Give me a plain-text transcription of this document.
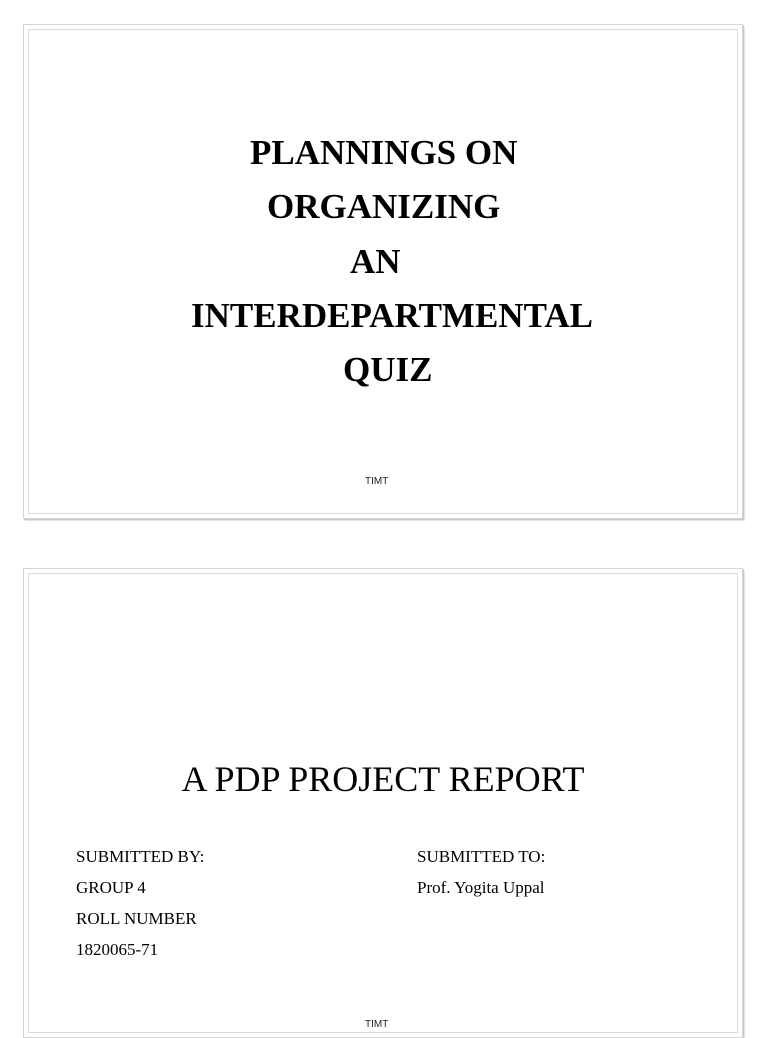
PLANNINGS ON
ORGANIZING
AN
INTERDEPARTMENTAL
QUIZ
TIMT
A PDP PROJECT REPORT
SUBMITTED BY:
GROUP 4
ROLL NUMBER
1820065-71
SUBMITTED TO:
Prof. Yogita Uppal
TIMT
